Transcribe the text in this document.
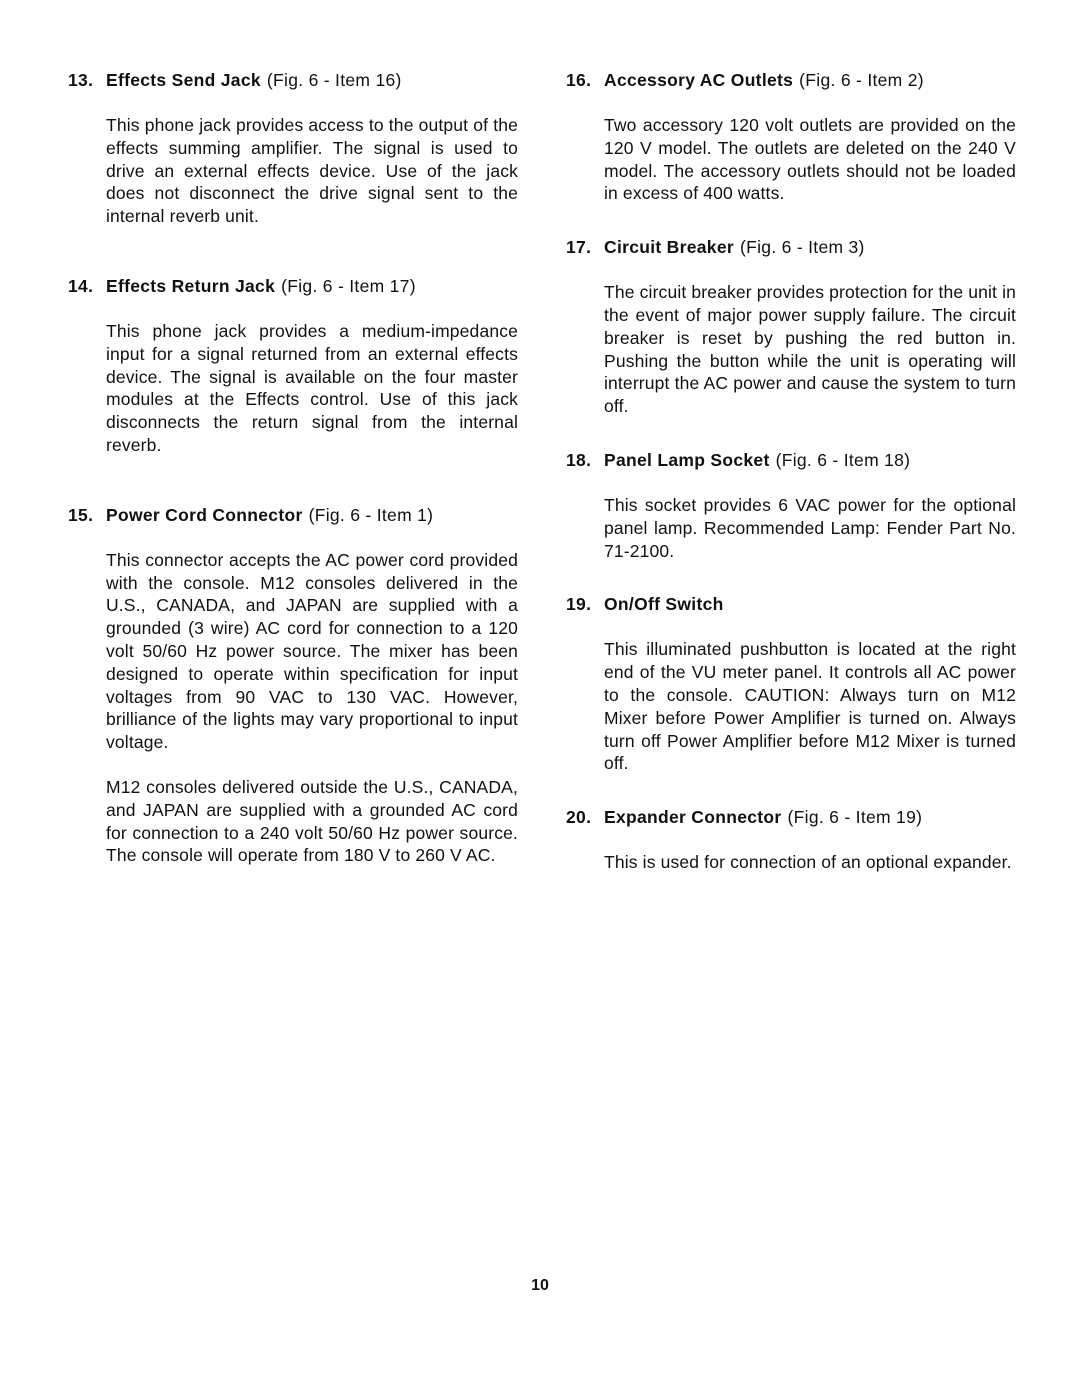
13. Effects Send Jack (Fig. 6 - Item 16)

This phone jack provides access to the output of the effects summing amplifier. The signal is used to drive an external effects device. Use of the jack does not disconnect the drive signal sent to the internal reverb unit.

14. Effects Return Jack (Fig. 6 - Item 17)

This phone jack provides a medium-impedance input for a signal returned from an external effects device. The signal is available on the four master modules at the Effects control. Use of this jack disconnects the return signal from the internal reverb.

15. Power Cord Connector (Fig. 6 - Item 1)

This connector accepts the AC power cord provided with the console. M12 consoles delivered in the U.S., CANADA, and JAPAN are supplied with a grounded (3 wire) AC cord for connection to a 120 volt 50/60 Hz power source. The mixer has been designed to operate within specification for input voltages from 90 VAC to 130 VAC. However, brilliance of the lights may vary proportional to input voltage.

M12 consoles delivered outside the U.S., CANADA, and JAPAN are supplied with a grounded AC cord for connection to a 240 volt 50/60 Hz power source. The console will operate from 180 V to 260 V AC.

16. Accessory AC Outlets (Fig. 6 - Item 2)

Two accessory 120 volt outlets are provided on the 120 V model. The outlets are deleted on the 240 V model. The accessory outlets should not be loaded in excess of 400 watts.

17. Circuit Breaker (Fig. 6 - Item 3)

The circuit breaker provides protection for the unit in the event of major power supply failure. The circuit breaker is reset by pushing the red button in. Pushing the button while the unit is operating will interrupt the AC power and cause the system to turn off.

18. Panel Lamp Socket (Fig. 6 - Item 18)

This socket provides 6 VAC power for the optional panel lamp. Recommended Lamp: Fender Part No. 71-2100.

19. On/Off Switch

This illuminated pushbutton is located at the right end of the VU meter panel. It controls all AC power to the console. CAUTION: Always turn on M12 Mixer before Power Amplifier is turned on. Always turn off Power Amplifier before M12 Mixer is turned off.

20. Expander Connector (Fig. 6 - Item 19)

This is used for connection of an optional expander.

10
